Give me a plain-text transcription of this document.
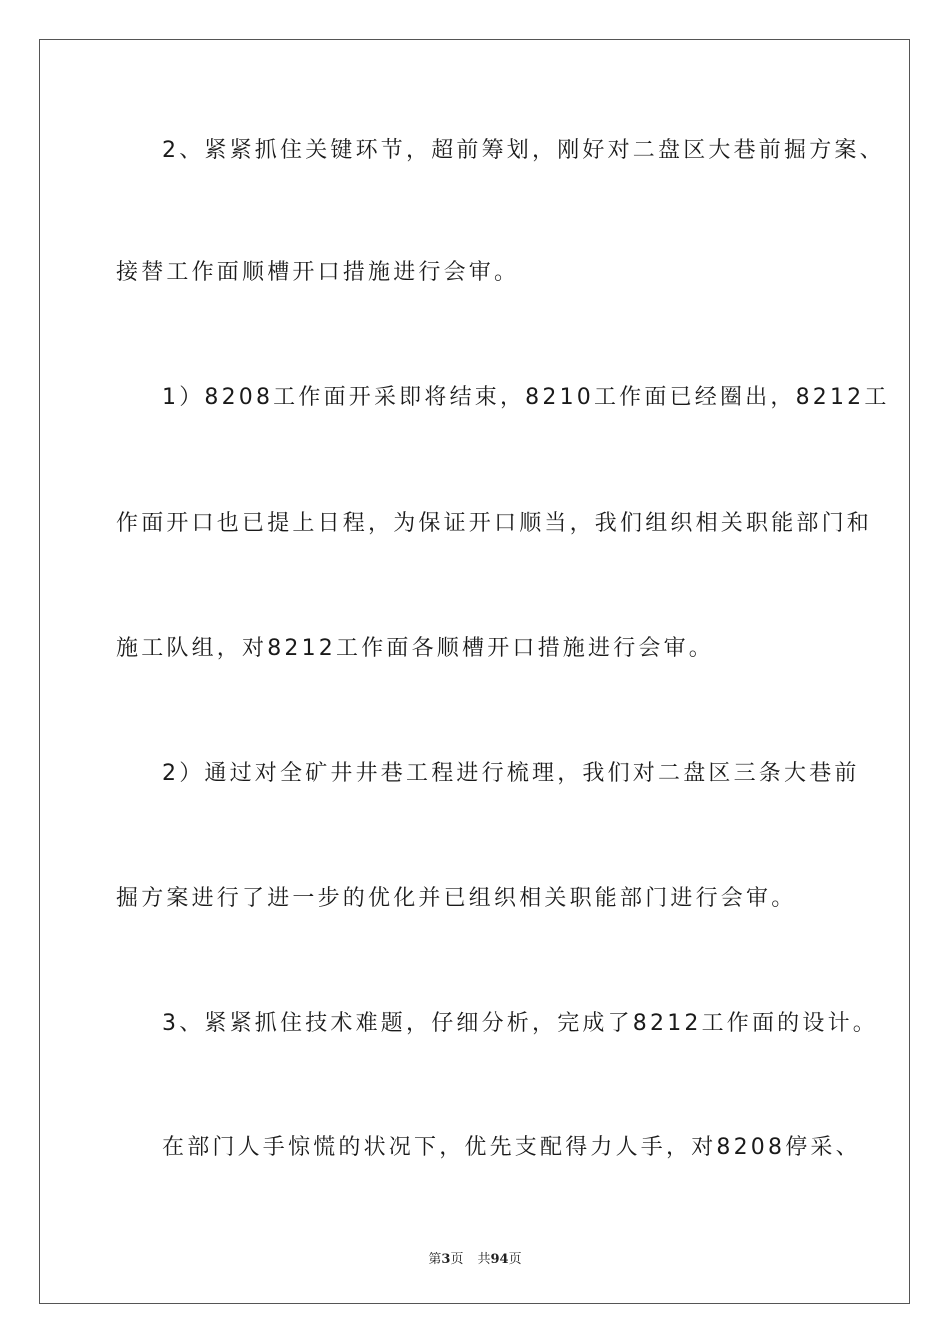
2、紧紧抓住关键环节，超前筹划，刚好对二盘区大巷前掘方案、
接替工作面顺槽开口措施进行会审。
1）8208工作面开采即将结束，8210工作面已经圈出，8212工
作面开口也已提上日程，为保证开口顺当，我们组织相关职能部门和
施工队组，对8212工作面各顺槽开口措施进行会审。
2）通过对全矿井井巷工程进行梳理，我们对二盘区三条大巷前
掘方案进行了进一步的优化并已组织相关职能部门进行会审。
3、紧紧抓住技术难题，仔细分析，完成了8212工作面的设计。
在部门人手惊慌的状况下，优先支配得力人手，对8208停采、
第3页 共94页
